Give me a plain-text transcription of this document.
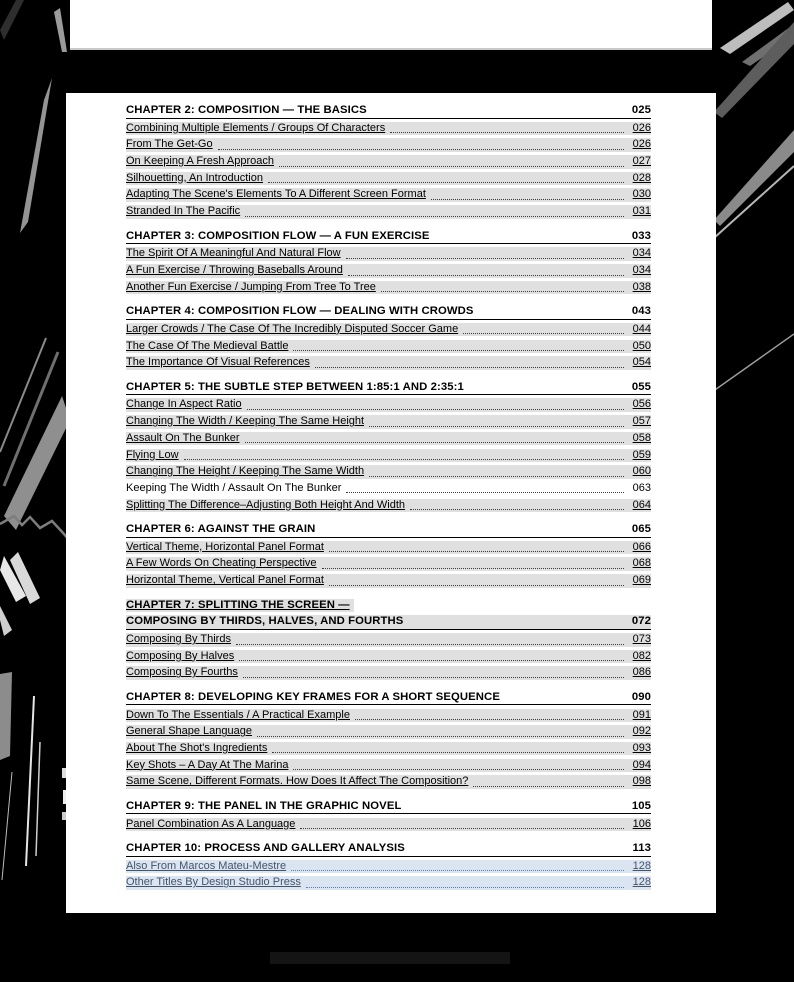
CHAPTER 2: COMPOSITION — THE BASICS	025
Combining Multiple Elements / Groups Of Characters	026
From The Get-Go	026
On Keeping A Fresh Approach	027
Silhouetting, An Introduction	028
Adapting The Scene's Elements To A Different Screen Format	030
Stranded In The Pacific	031
CHAPTER 3: COMPOSITION FLOW — A FUN EXERCISE	033
The Spirit Of A Meaningful And Natural Flow	034
A Fun Exercise / Throwing Baseballs Around	034
Another Fun Exercise / Jumping From Tree To Tree	038
CHAPTER 4: COMPOSITION FLOW — DEALING WITH CROWDS	043
Larger Crowds / The Case Of The Incredibly Disputed Soccer Game	044
The Case Of The Medieval Battle	050
The Importance Of Visual References	054
CHAPTER 5: THE SUBTLE STEP BETWEEN 1:85:1 AND 2:35:1	055
Change In Aspect Ratio	056
Changing The Width / Keeping The Same Height	057
Assault On The Bunker	058
Flying Low	059
Changing The Height / Keeping The Same Width	060
Keeping The Width / Assault On The Bunker	063
Splitting The Difference–Adjusting Both Height And Width	064
CHAPTER 6: AGAINST THE GRAIN	065
Vertical Theme, Horizontal Panel Format	066
A Few Words On Cheating Perspective	068
Horizontal Theme, Vertical Panel Format	069
CHAPTER 7: SPLITTING THE SCREEN —
COMPOSING BY THIRDS, HALVES, AND FOURTHS	072
Composing By Thirds	073
Composing By Halves	082
Composing By Fourths	086
CHAPTER 8: DEVELOPING KEY FRAMES FOR A SHORT SEQUENCE	090
Down To The Essentials / A Practical Example	091
General Shape Language	092
About The Shot's Ingredients	093
Key Shots – A Day At The Marina	094
Same Scene, Different Formats. How Does It Affect The Composition?	098
CHAPTER 9: THE PANEL IN THE GRAPHIC NOVEL	105
Panel Combination As A Language	106
CHAPTER 10: PROCESS AND GALLERY ANALYSIS	113
Also From Marcos Mateu-Mestre	128
Other Titles By Design Studio Press	128
